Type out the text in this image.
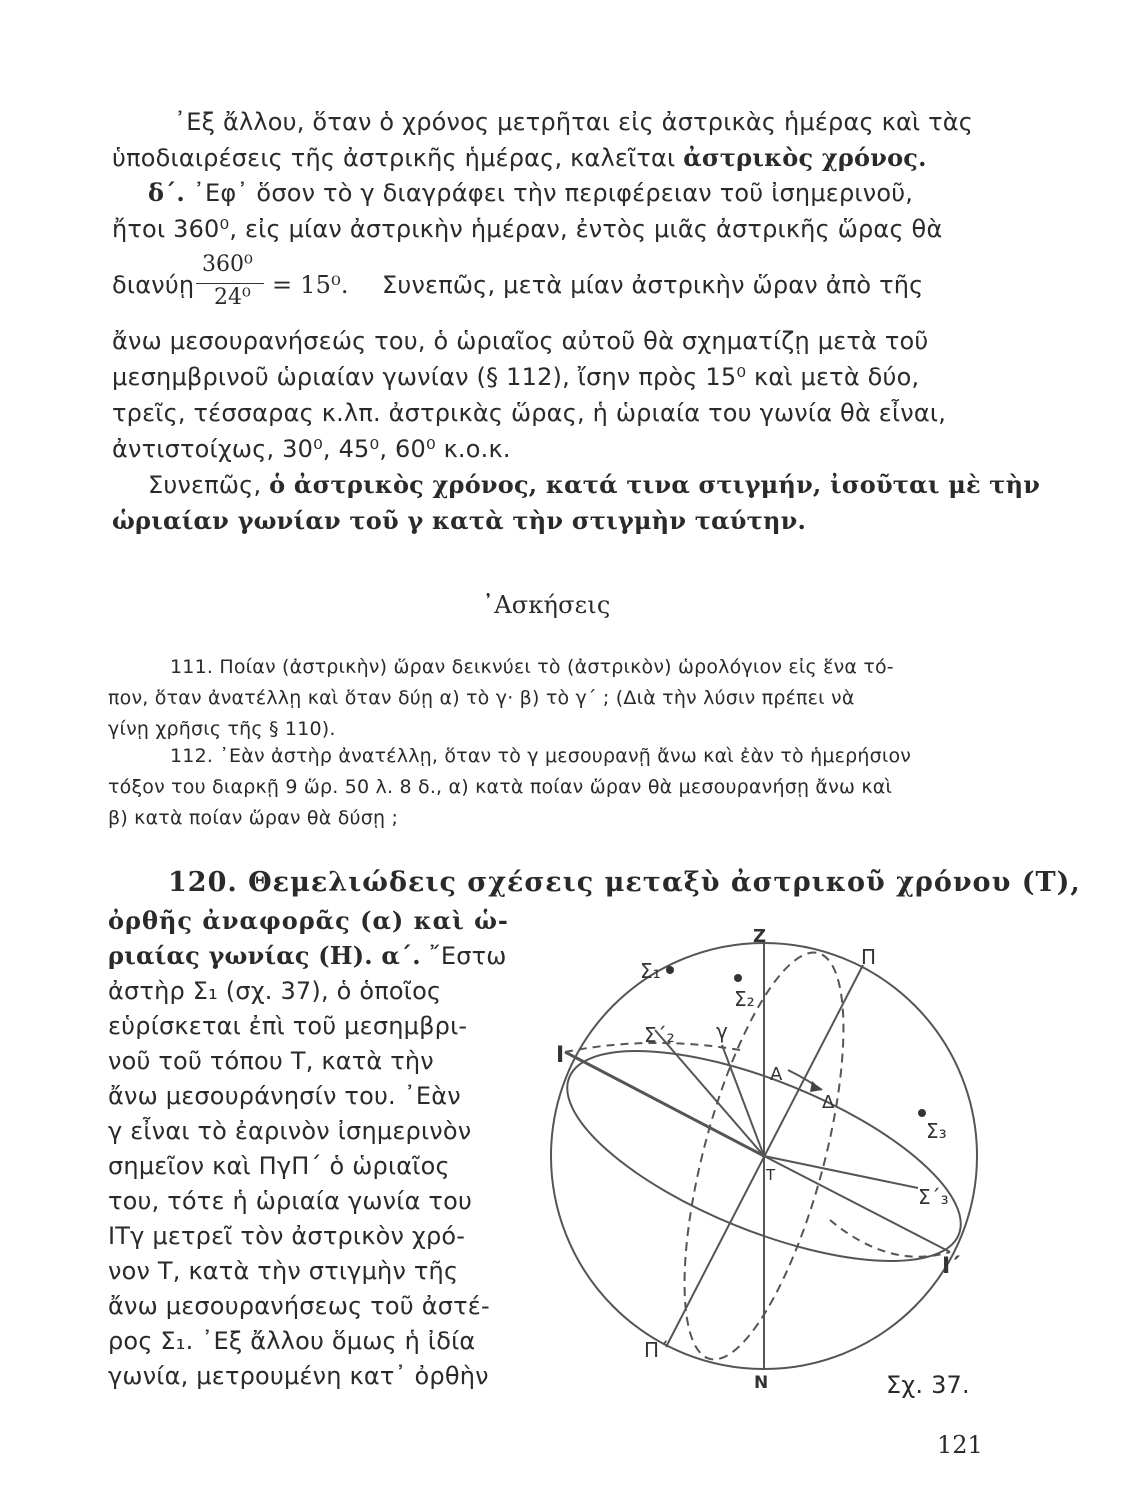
᾿Εξ ἄλλου, ὅταν ὁ χρόνος μετρῆται εἰς ἀστρικὰς ἡμέρας καὶ τὰς
ὑποδιαιρέσεις τῆς ἀστρικῆς ἡμέρας, καλεῖται ἀστρικὸς χρόνος.
δ΄. ᾿Εφ᾿ ὅσον τὸ γ διαγράφει τὴν περιφέρειαν τοῦ ἰσημερινοῦ,
ἤτοι 360⁰, εἰς μίαν ἀστρικὴν ἡμέραν, ἐντὸς μιᾶς ἀστρικῆς ὥρας θὰ
διανύῃ
360⁰
24⁰ = 15⁰. Συνεπῶς, μετὰ μίαν ἀστρικὴν ὥραν ἀπὸ τῆς
ἄνω μεσουρανήσεώς του, ὁ ὡριαῖος αὐτοῦ θὰ σχηματίζῃ μετὰ τοῦ
μεσημβρινοῦ ὡριαίαν γωνίαν (§ 112), ἴσην πρὸς 15⁰ καὶ μετὰ δύο,
τρεῖς, τέσσαρας κ.λπ. ἀστρικὰς ὥρας, ἡ ὡριαία του γωνία θὰ εἶναι,
ἀντιστοίχως, 30⁰, 45⁰, 60⁰ κ.ο.κ.
Συνεπῶς, ὁ ἀστρικὸς χρόνος, κατά τινα στιγμήν, ἰσοῦται μὲ τὴν
ὡριαίαν γωνίαν τοῦ γ κατὰ τὴν στιγμὴν ταύτην.
᾿Ασκήσεις
111. Ποίαν (ἀστρικὴν) ὥραν δεικνύει τὸ (ἀστρικὸν) ὡρολόγιον εἰς ἕνα τό-
πον, ὅταν ἀνατέλλῃ καὶ ὅταν δύῃ α) τὸ γ· β) τὸ γ΄ ; (Διὰ τὴν λύσιν πρέπει νὰ
γίνῃ χρῆσις τῆς § 110).
112. ᾿Εὰν ἀστὴρ ἀνατέλλῃ, ὅταν τὸ γ μεσουρανῇ ἄνω καὶ ἐὰν τὸ ἡμερήσιον
τόξον του διαρκῇ 9 ὥρ. 50 λ. 8 δ., α) κατὰ ποίαν ὥραν θὰ μεσουρανήσῃ ἄνω καὶ
β) κατὰ ποίαν ὥραν θὰ δύσῃ ;
120. Θεμελιώδεις σχέσεις μεταξὺ ἀστρικοῦ χρόνου (Τ),
ὀρθῆς ἀναφορᾶς (α) καὶ ὡ-
ριαίας γωνίας (Η). α΄. ῎Εστω
ἀστὴρ Σ₁ (σχ. 37), ὁ ὁποῖος
εὑρίσκεται ἐπὶ τοῦ μεσημβρι-
νοῦ τοῦ τόπου Τ, κατὰ τὴν
ἄνω μεσουράνησίν του. ᾿Εὰν
γ εἶναι τὸ ἐαρινὸν ἰσημερινὸν
σημεῖον καὶ ΠγΠ΄ ὁ ὡριαῖος
του, τότε ἡ ὡριαία γωνία του
ΙΤγ μετρεῖ τὸν ἀστρικὸν χρό-
νον Τ, κατὰ τὴν στιγμὴν τῆς
ἄνω μεσουρανήσεως τοῦ ἀστέ-
ρος Σ₁. ᾿Εξ ἄλλου ὅμως ἡ ἰδία
γωνία, μετρουμένη κατ᾿ ὀρθὴν
Z
N
Π
Π΄
I
I΄
T
γ
A
Δ
Σ₁
Σ₂
Σ΄₂
Σ₃
Σ΄₃
Σχ. 37.
121
